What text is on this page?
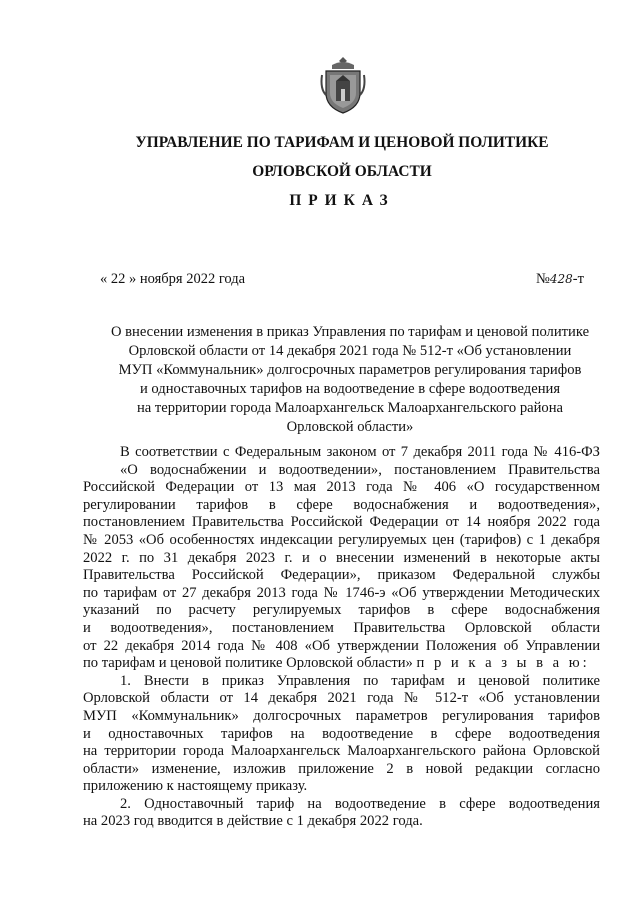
УПРАВЛЕНИЕ ПО ТАРИФАМ И ЦЕНОВОЙ ПОЛИТИКЕ
ОРЛОВСКОЙ ОБЛАСТИ
ПРИКАЗ
« 22 » ноября 2022 года	№428-т

О внесении изменения в приказ Управления по тарифам и ценовой политике
Орловской области от 14 декабря 2021 года № 512-т «Об установлении
МУП «Коммунальник» долгосрочных параметров регулирования тарифов
и одноставочных тарифов на водоотведение в сфере водоотведения
на территории города Малоархангельск Малоархангельского района
Орловской области»

В соответствии с Федеральным законом от 7 декабря 2011 года № 416-ФЗ
«О водоснабжении и водоотведении», постановлением Правительства
Российской Федерации от 13 мая 2013 года № 406 «О государственном
регулировании тарифов в сфере водоснабжения и водоотведения»,
постановлением Правительства Российской Федерации от 14 ноября 2022 года
№ 2053 «Об особенностях индексации регулируемых цен (тарифов) с 1 декабря
2022 г. по 31 декабря 2023 г. и о внесении изменений в некоторые акты
Правительства Российской Федерации», приказом Федеральной службы
по тарифам от 27 декабря 2013 года № 1746-э «Об утверждении Методических
указаний по расчету регулируемых тарифов в сфере водоснабжения
и водоотведения», постановлением Правительства Орловской области
от 22 декабря 2014 года № 408 «Об утверждении Положения об Управлении
по тарифам и ценовой политике Орловской области» п р и к а з ы в а ю:
1. Внести в приказ Управления по тарифам и ценовой политике
Орловской области от 14 декабря 2021 года № 512-т «Об установлении
МУП «Коммунальник» долгосрочных параметров регулирования тарифов
и одноставочных тарифов на водоотведение в сфере водоотведения
на территории города Малоархангельск Малоархангельского района Орловской
области» изменение, изложив приложение 2 в новой редакции согласно
приложению к настоящему приказу.
2. Одноставочный тариф на водоотведение в сфере водоотведения
на 2023 год вводится в действие с 1 декабря 2022 года.
